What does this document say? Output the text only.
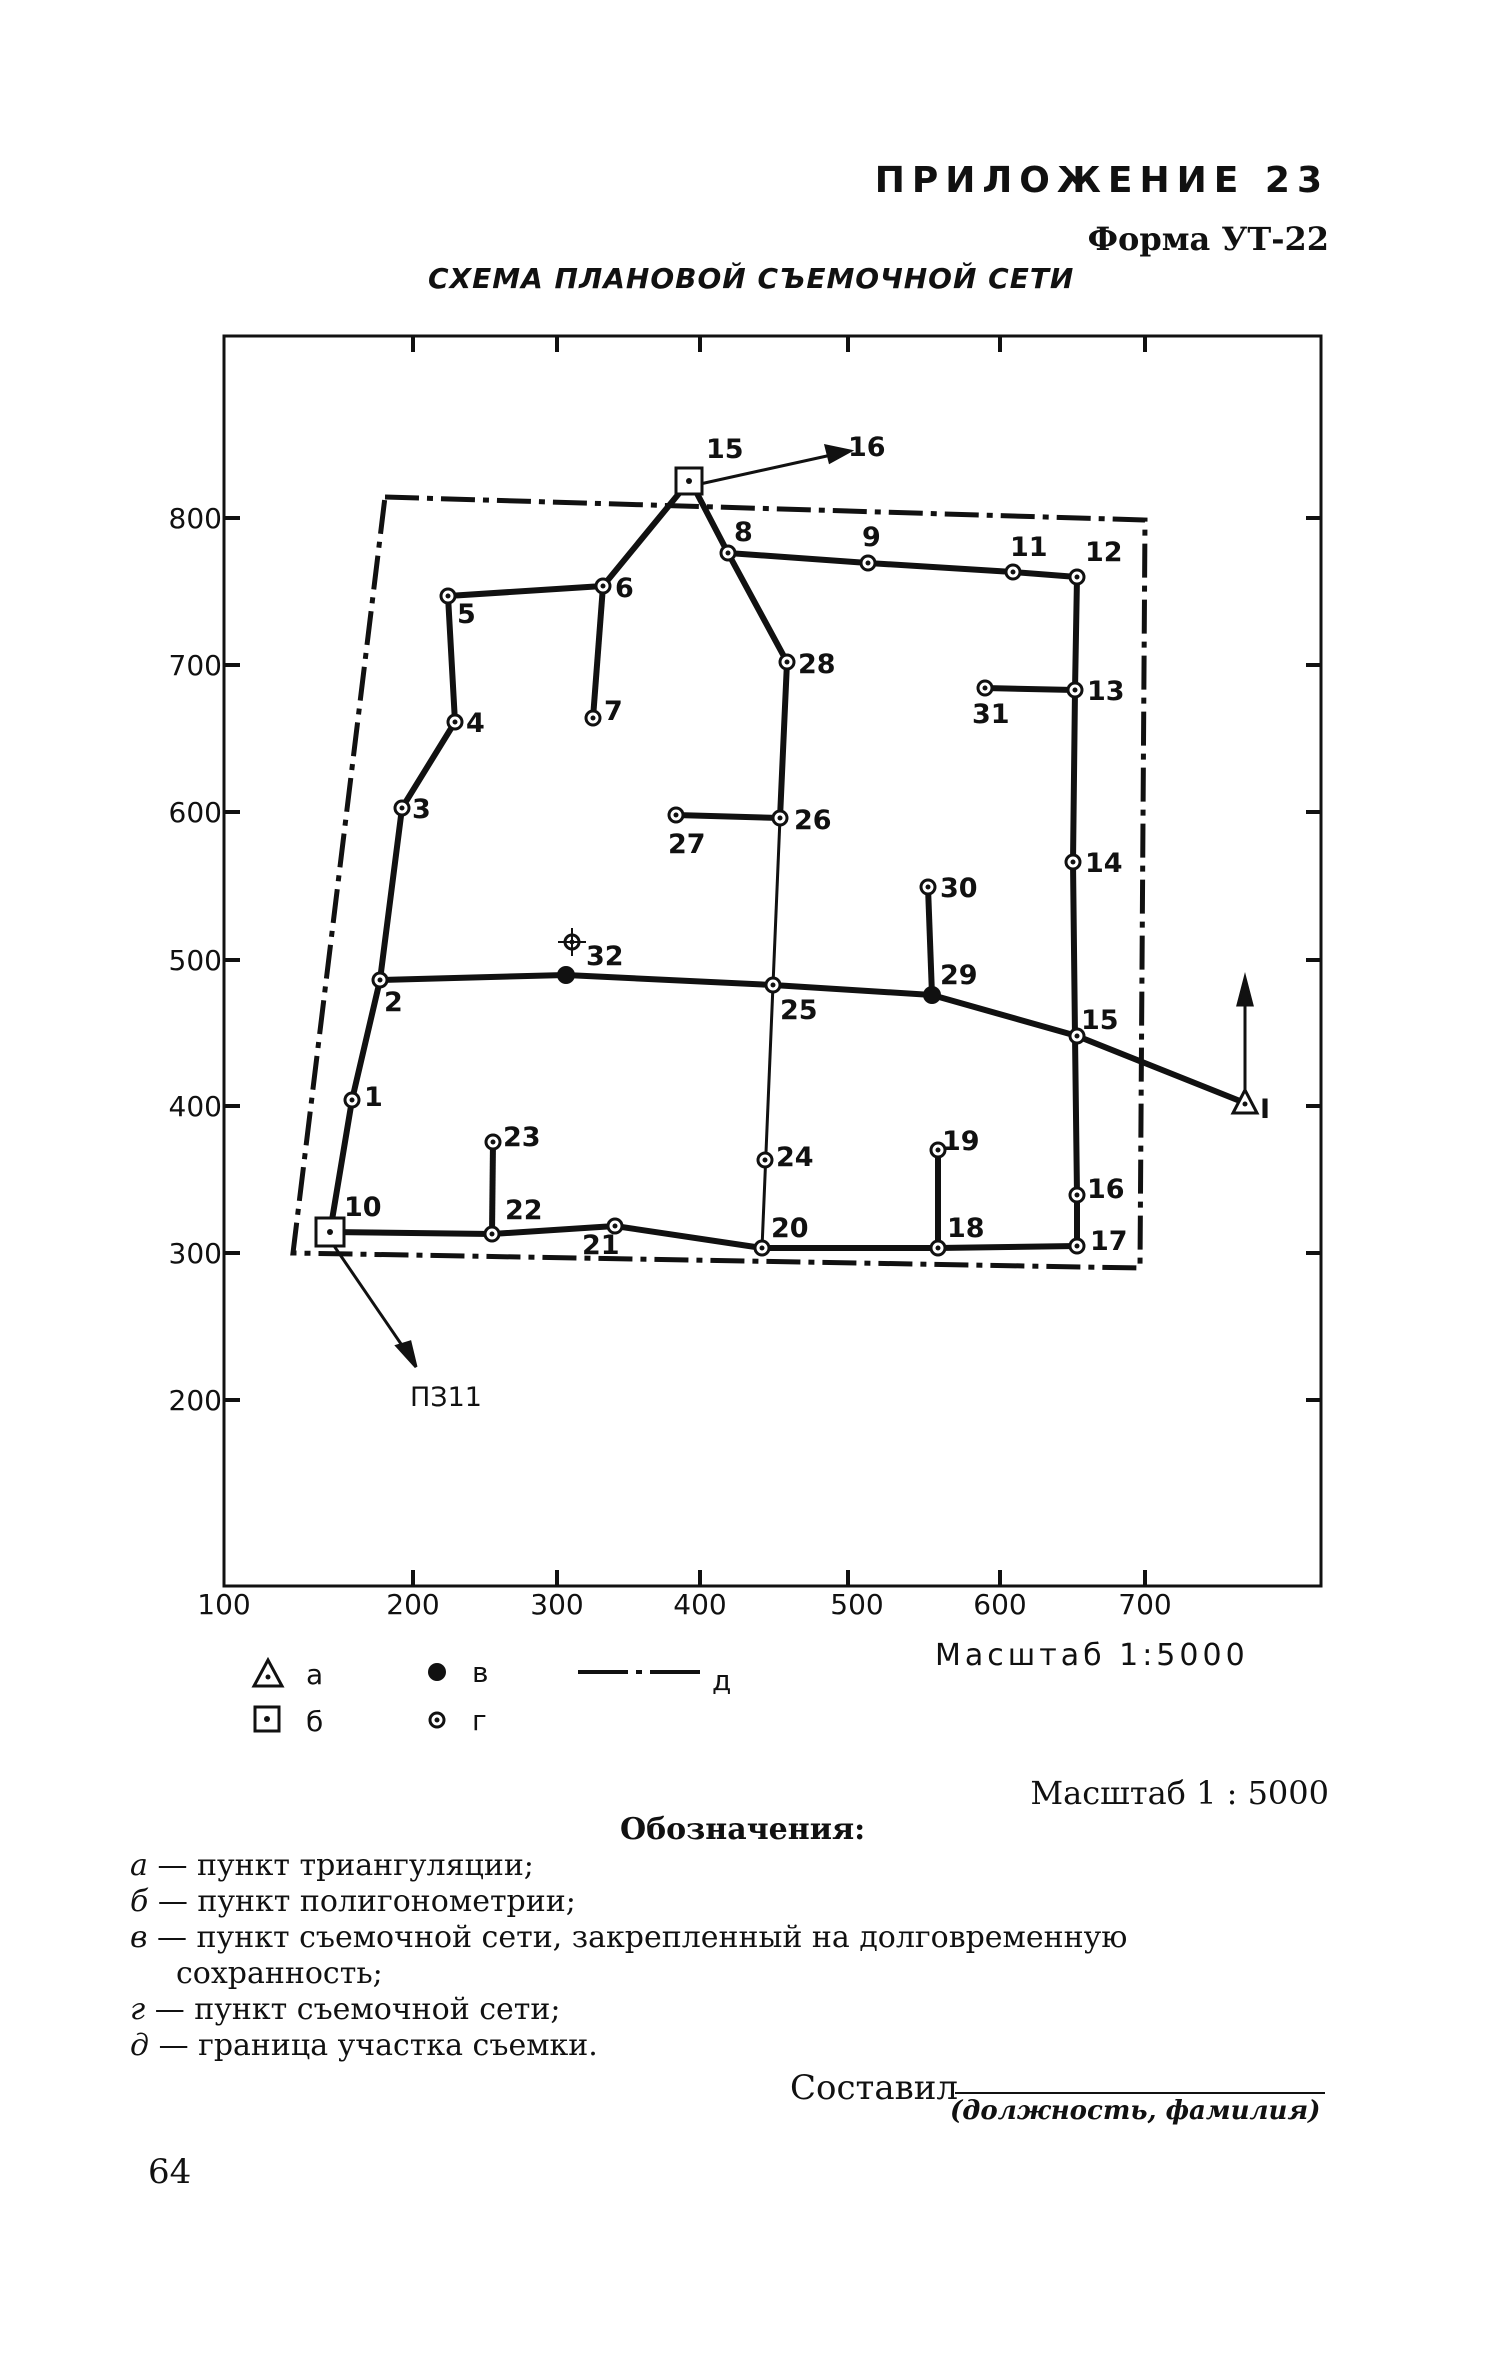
ПРИЛОЖЕНИЕ 23
Форма УТ-22
СХЕМА ПЛАНОВОЙ СЪЕМОЧНОЙ СЕТИ
800
700
600
500
400
300
200
100	200	300	400	500	600	700
15	16
8	9	11 12
6
5
4
3
7
28
26
27
31
13
14
30
32
2	25
29
15
I
1
23
24
19
16
10	22
21
20	18	17
ПЗ11
Масштаб 1:5000
а
б
в
г
д
Масштаб 1 : 5000
Обозначения:

а — пункт триангуляции;

б — пункт полигонометрии;

в — пункт съемочной сети, закрепленный на долговременную сохранность;

г — пункт съемочной сети;

д — граница участка съемки.

Составил
(должность, фамилия)
64
